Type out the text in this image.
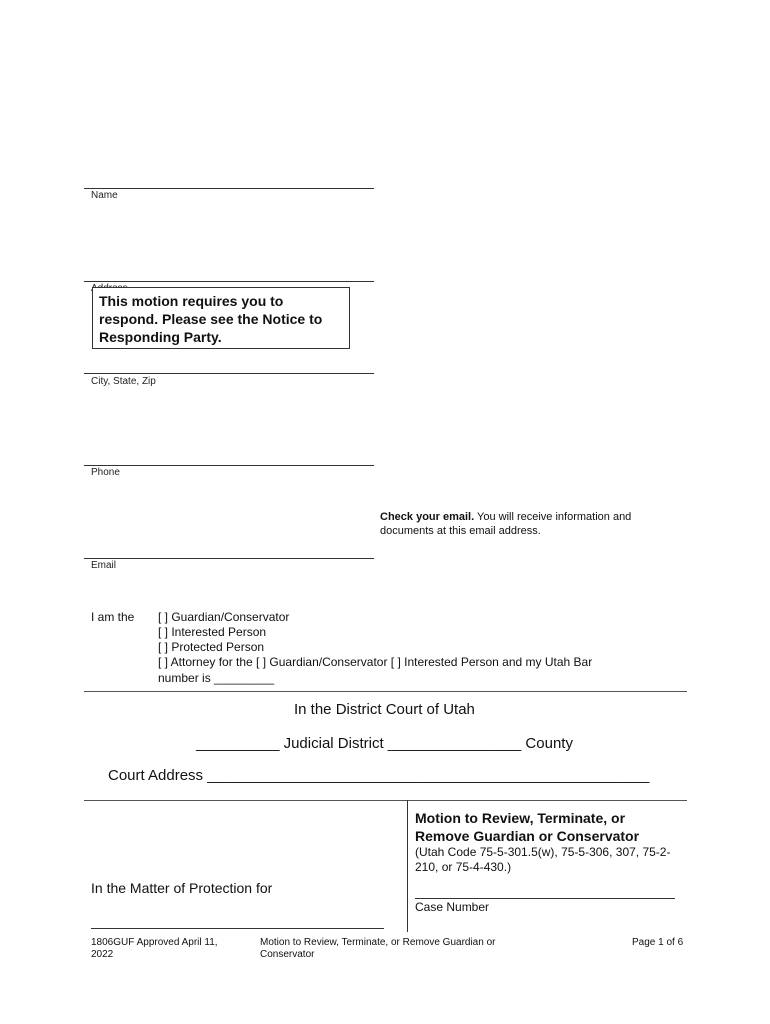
Name
This motion requires you to respond. Please see the Notice to Responding Party.
City, State, Zip
Phone
Check your email. You will receive information and documents at this email address.
Email
I am the [ ] Guardian/Conservator
[ ] Interested Person
[ ] Protected Person
[ ] Attorney for the [ ] Guardian/Conservator [ ] Interested Person and my Utah Bar
number is _________
In the District Court of Utah
__________ Judicial District ________________ County
Court Address _____________________________________________________
In the Matter of Protection for
Motion to Review, Terminate, or Remove Guardian or Conservator
(Utah Code 75-5-301.5(w), 75-5-306, 307, 75-2-210, or 75-4-430.)
Case Number
1806GUF Approved April 11, 2022
Motion to Review, Terminate, or Remove Guardian or Conservator
Page 1 of 6
